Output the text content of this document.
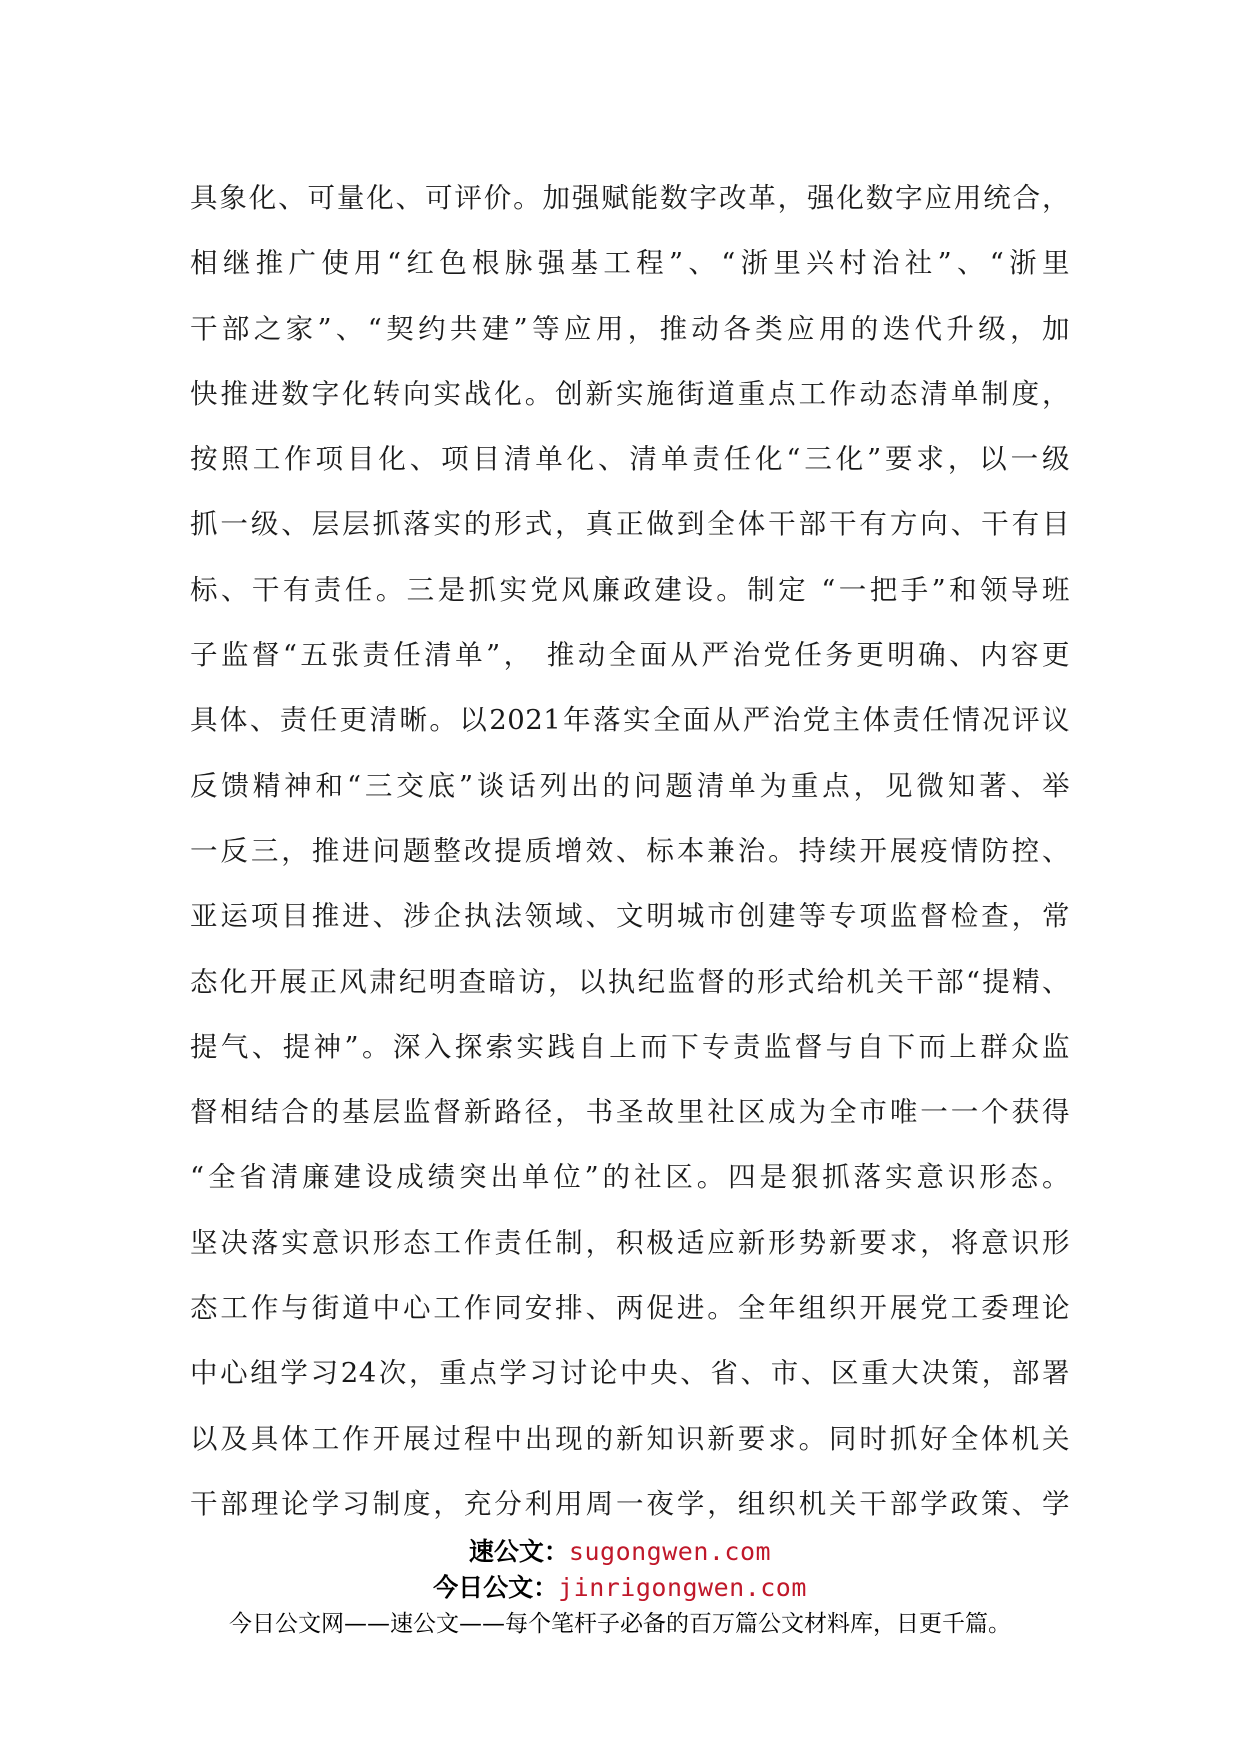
具象化、可量化、可评价。加强赋能数字改革，强化数字应用统合，
相继推广使用“红色根脉强基工程”、“浙里兴村治社”、“浙里
干部之家”、“契约共建”等应用，推动各类应用的迭代升级，加
快推进数字化转向实战化。创新实施街道重点工作动态清单制度，
按照工作项目化、项目清单化、清单责任化“三化”要求，以一级
抓一级、层层抓落实的形式，真正做到全体干部干有方向、干有目
标、干有责任。三是抓实党风廉政建设。制定 “一把手”和领导班
子监督“五张责任清单”， 推动全面从严治党任务更明确、内容更
具体、责任更清晰。以2021年落实全面从严治党主体责任情况评议
反馈精神和“三交底”谈话列出的问题清单为重点，见微知著、举
一反三，推进问题整改提质增效、标本兼治。持续开展疫情防控、
亚运项目推进、涉企执法领域、文明城市创建等专项监督检查，常
态化开展正风肃纪明查暗访，以执纪监督的形式给机关干部“提精、
提气、提神”。深入探索实践自上而下专责监督与自下而上群众监
督相结合的基层监督新路径，书圣故里社区成为全市唯一一个获得
“全省清廉建设成绩突出单位”的社区。四是狠抓落实意识形态。
坚决落实意识形态工作责任制，积极适应新形势新要求，将意识形
态工作与街道中心工作同安排、两促进。全年组织开展党工委理论
中心组学习24次，重点学习讨论中央、省、市、区重大决策，部署
以及具体工作开展过程中出现的新知识新要求。同时抓好全体机关
干部理论学习制度，充分利用周一夜学，组织机关干部学政策、学
速公文：sugongwen.com
今日公文：jinrigongwen.com
今日公文网——速公文——每个笔杆子必备的百万篇公文材料库，日更千篇。
